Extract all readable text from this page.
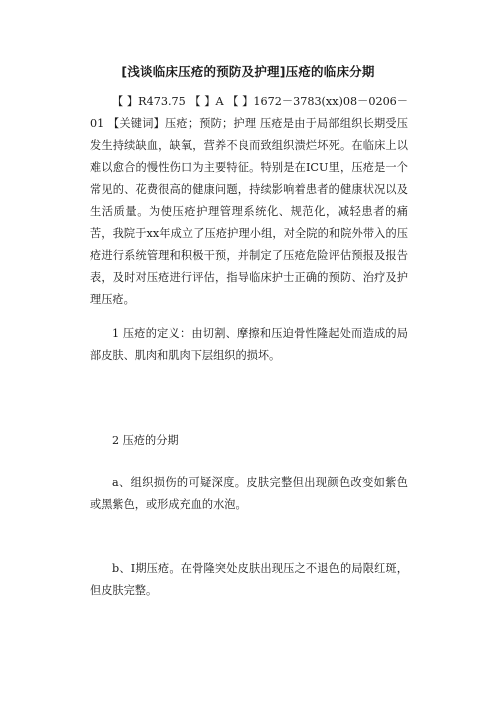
[浅谈临床压疮的预防及护理]压疮的临床分期

【 】R473.75 【 】A 【 】1672－3783(xx)08－0206－01 【关键词】压疮；预防；护理 压疮是由于局部组织长期受压发生持续缺血，缺氧，营养不良而致组织溃烂坏死。在临床上以难以愈合的慢性伤口为主要特征。特别是在ICU里，压疮是一个常见的、花费很高的健康问题，持续影响着患者的健康状况以及生活质量。为使压疮护理管理系统化、规范化，减轻患者的痛苦，我院于xx年成立了压疮护理小组，对全院的和院外带入的压疮进行系统管理和积极干预，并制定了压疮危险评估预报及报告表，及时对压疮进行评估，指导临床护士正确的预防、治疗及护理压疮。

1 压疮的定义：由切割、摩擦和压迫骨性隆起处而造成的局部皮肤、肌肉和肌肉下层组织的损坏。

2 压疮的分期

a、组织损伤的可疑深度。皮肤完整但出现颜色改变如紫色或黑紫色，或形成充血的水泡。

b、Ⅰ期压疮。在骨隆突处皮肤出现压之不退色的局限红斑，但皮肤完整。
